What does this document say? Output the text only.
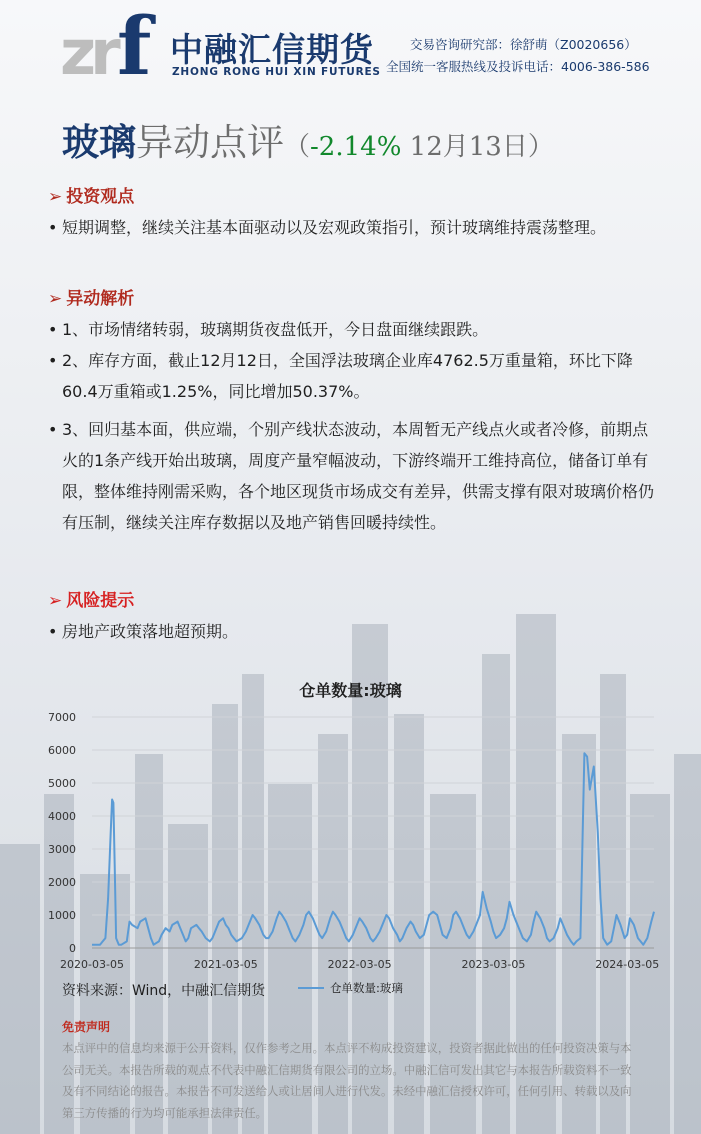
zr f 中融汇信期货
ZHONG RONG HUI XIN FUTURES
交易咨询研究部：徐舒萌（Z0020656）
全国统一客服热线及投诉电话：4006-386-586
玻璃异动点评（-2.14% 12月13日）
➢ 投资观点
• 短期调整，继续关注基本面驱动以及宏观政策指引，预计玻璃维持震荡整理。
➢ 异动解析
• 1、市场情绪转弱，玻璃期货夜盘低开，今日盘面继续跟跌。
• 2、库存方面，截止12月12日，全国浮法玻璃企业库4762.5万重量箱，环比下降60.4万重箱或1.25%，同比增加50.37%。
• 3、回归基本面，供应端，个别产线状态波动，本周暂无产线点火或者冷修，前期点火的1条产线开始出玻璃，周度产量窄幅波动，下游终端开工维持高位，储备订单有限，整体维持刚需采购，各个地区现货市场成交有差异，供需支撑有限对玻璃价格仍有压制，继续关注库存数据以及地产销售回暖持续性。
➢ 风险提示
• 房地产政策落地超预期。
仓单数量:玻璃
0
1000
2000
3000
4000
5000
6000
7000
2020-03-05	2021-03-05	2022-03-05	2023-03-05	2024-03-05
资料来源：Wind，中融汇信期货	仓单数量:玻璃
免责声明
本点评中的信息均来源于公开资料，仅作参考之用。本点评不构成投资建议，投资者据此做出的任何投资决策与本公司无关。本报告所载的观点不代表中融汇信期货有限公司的立场。中融汇信可发出其它与本报告所载资料不一致及有不同结论的报告。本报告不可发送给人或让居间人进行代发。未经中融汇信授权许可，任何引用、转载以及向第三方传播的行为均可能承担法律责任。
